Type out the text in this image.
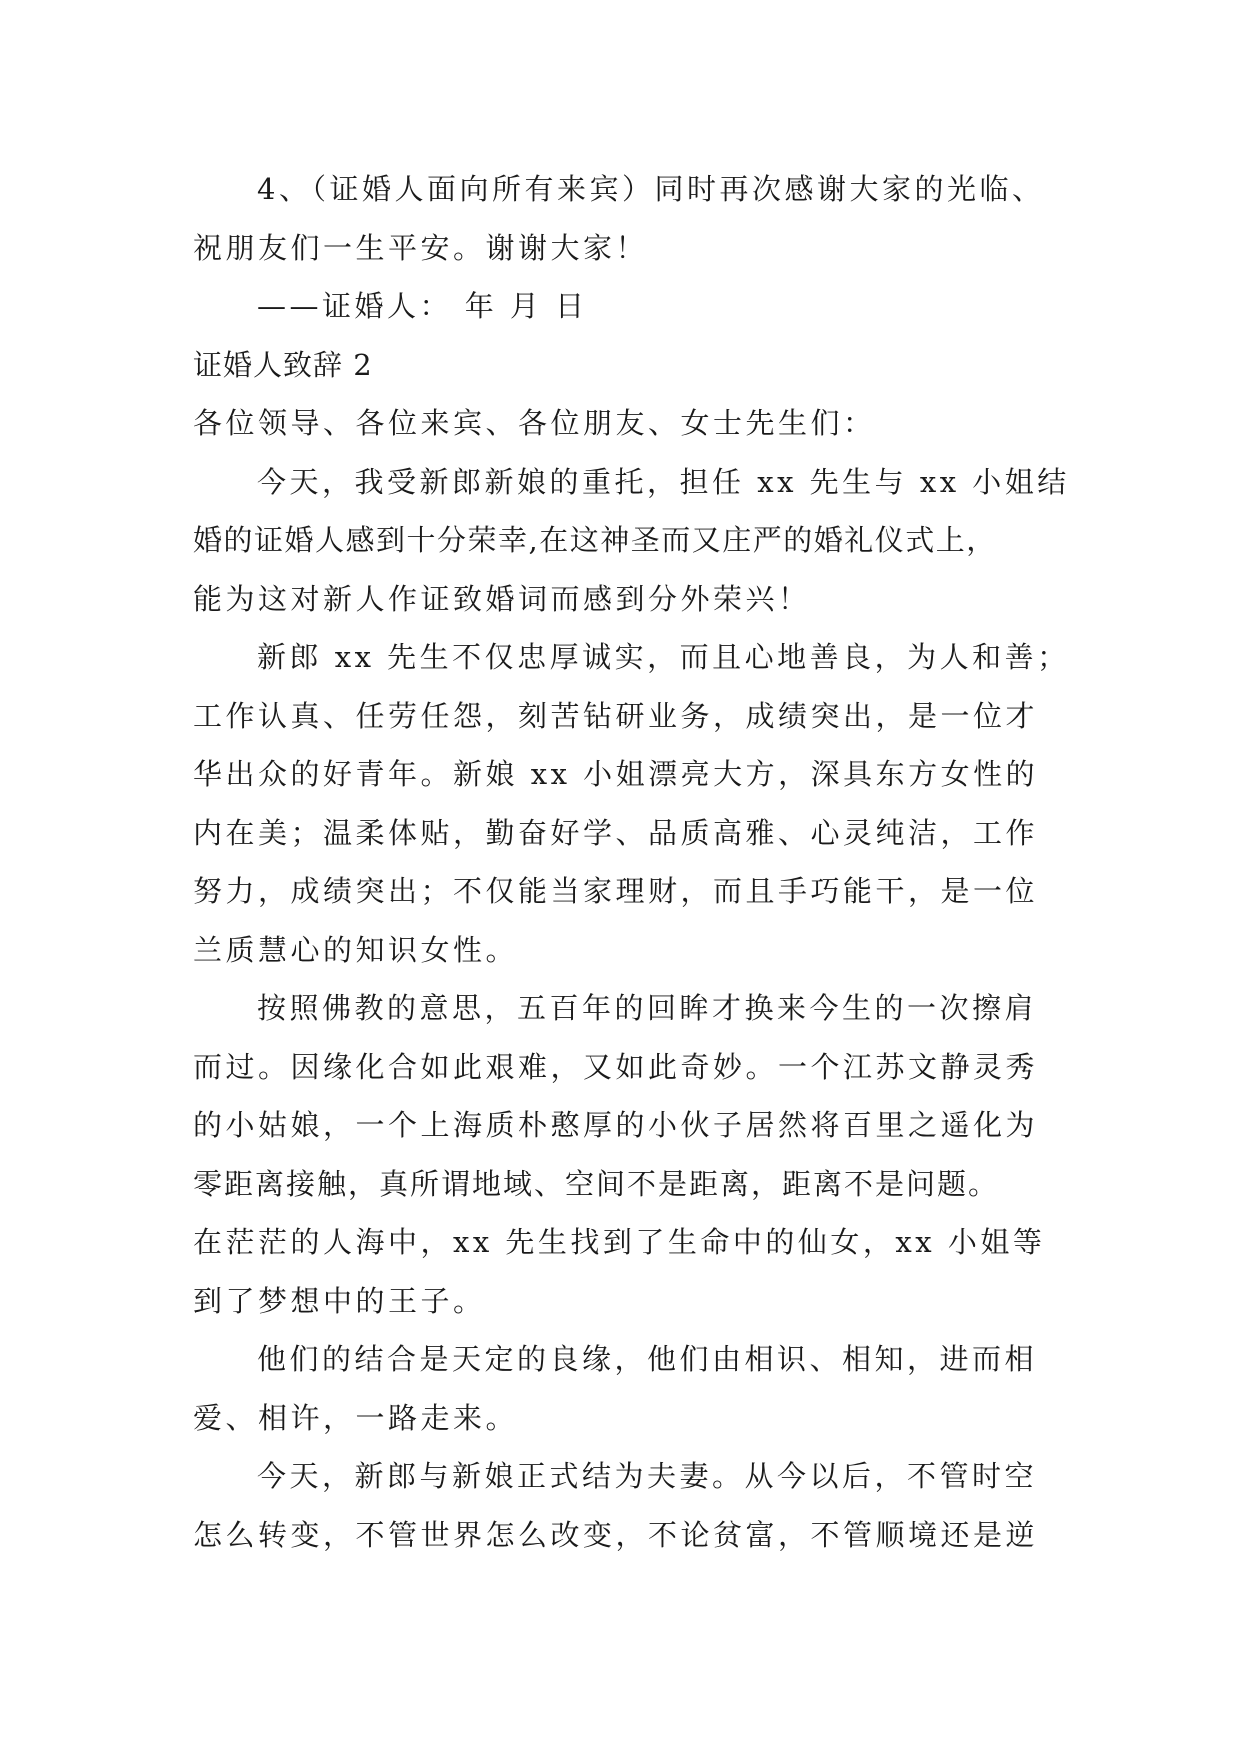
4、（证婚人面向所有来宾）同时再次感谢大家的光临、
祝朋友们一生平安。谢谢大家！
——证婚人： 年 月 日
证婚人致辞 2
各位领导、各位来宾、各位朋友、女士先生们：
今天，我受新郎新娘的重托，担任 xx 先生与 xx 小姐结
婚的证婚人感到十分荣幸,在这神圣而又庄严的婚礼仪式上，
能为这对新人作证致婚词而感到分外荣兴！
新郎 xx 先生不仅忠厚诚实，而且心地善良，为人和善；
工作认真、任劳任怨，刻苦钻研业务，成绩突出，是一位才
华出众的好青年。新娘 xx 小姐漂亮大方，深具东方女性的
内在美；温柔体贴，勤奋好学、品质高雅、心灵纯洁，工作
努力，成绩突出；不仅能当家理财，而且手巧能干，是一位
兰质慧心的知识女性。
按照佛教的意思，五百年的回眸才换来今生的一次擦肩
而过。因缘化合如此艰难，又如此奇妙。一个江苏文静灵秀
的小姑娘，一个上海质朴憨厚的小伙子居然将百里之遥化为
零距离接触，真所谓地域、空间不是距离，距离不是问题。
在茫茫的人海中，xx 先生找到了生命中的仙女，xx 小姐等
到了梦想中的王子。
他们的结合是天定的良缘，他们由相识、相知，进而相
爱、相许，一路走来。
今天，新郎与新娘正式结为夫妻。从今以后，不管时空
怎么转变，不管世界怎么改变，不论贫富，不管顺境还是逆
